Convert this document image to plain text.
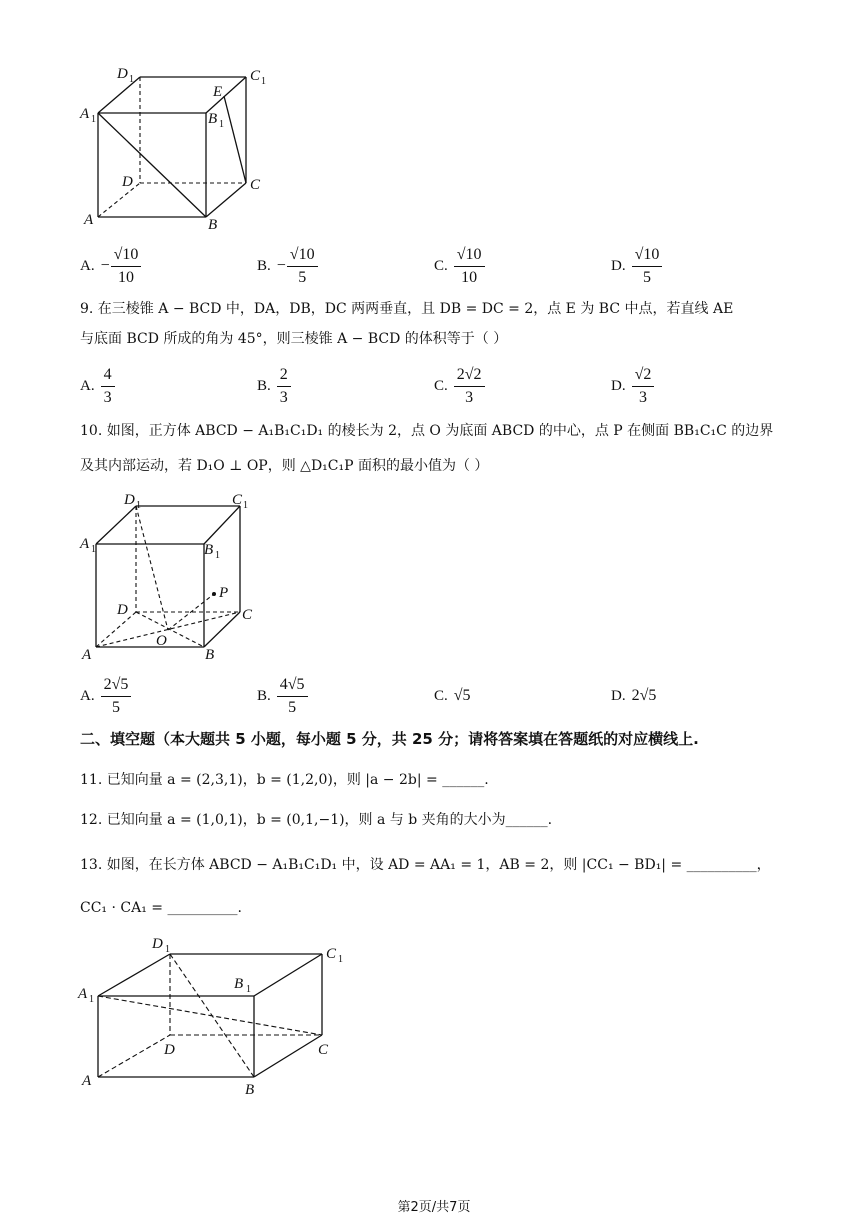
D 1	C 1
E
A 1	B 1
D	C
A	B
A. − $\frac{√10}{10}$	B. − $\frac{√10}{5}$	C. $\frac{√10}{10}$	D. $\frac{√10}{5}$
9. 在三棱锥 A − BCD 中，DA，DB，DC 两两垂直，且 DB = DC = 2，点 E 为 BC 中点，若直线 AE
与底面 BCD 所成的角为 45°，则三棱锥 A − BCD 的体积等于（ ）
A. $\frac{4}{3}$	B. $\frac{2}{3}$	C. $\frac{2√2}{3}$	D. $\frac{√2}{3}$
10. 如图，正方体 ABCD − A₁B₁C₁D₁ 的棱长为 2，点 O 为底面 ABCD 的中心，点 P 在侧面 BB₁C₁C 的边界
及其内部运动，若 D₁O ⊥ OP，则 △D₁C₁P 面积的最小值为（ ）
D 1	C 1
A 1	B 1
P
D	C
O
A	B
A. $\frac{2√5}{5}$	B. $\frac{4√5}{5}$	C. √5	D. 2√5
二、填空题（本大题共 5 小题，每小题 5 分，共 25 分；请将答案填在答题纸的对应横线上.
11. 已知向量 a = (2,3,1)，b = (1,2,0)，则 |a − 2b| = ______.
12. 已知向量 a = (1,0,1)，b = (0,1,−1)，则 a 与 b 夹角的大小为______.
13. 如图，在长方体 ABCD − A₁B₁C₁D₁ 中，设 AD = AA₁ = 1，AB = 2，则 |CC₁ − BD₁| = __________，
CC₁ · CA₁ = __________.
D 1	C 1
A 1
B 1
D	C
A
B
第2页/共7页
